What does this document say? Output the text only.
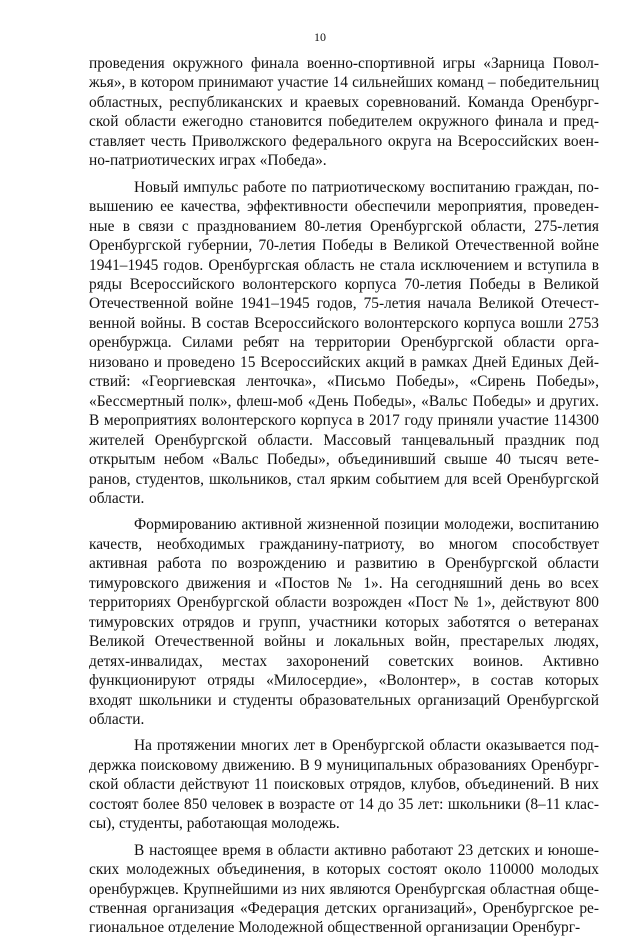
10

проведения окружного финала военно-спортивной игры «Зарница Поволжья», в котором принимают участие 14 сильнейших команд – победительниц областных, республиканских и краевых соревнований. Команда Оренбургской области ежегодно становится победителем окружного финала и представляет честь Приволжского федерального округа на Всероссийских военно-патриотических играх «Победа».

Новый импульс работе по патриотическому воспитанию граждан, повышению ее качества, эффективности обеспечили мероприятия, проведенные в связи с празднованием 80-летия Оренбургской области, 275-летия Оренбургской губернии, 70-летия Победы в Великой Отечественной войне 1941–1945 годов. Оренбургская область не стала исключением и вступила в ряды Всероссийского волонтерского корпуса 70-летия Победы в Великой Отечественной войне 1941–1945 годов, 75-летия начала Великой Отечественной войны. В состав Всероссийского волонтерского корпуса вошли 2753 оренбуржца. Силами ребят на территории Оренбургской области организовано и проведено 15 Всероссийских акций в рамках Дней Единых Действий: «Георгиевская ленточка», «Письмо Победы», «Сирень Победы», «Бессмертный полк», флеш-моб «День Победы», «Вальс Победы» и других. В мероприятиях волонтерского корпуса в 2017 году приняли участие 114300 жителей Оренбургской области. Массовый танцевальный праздник под открытым небом «Вальс Победы», объединивший свыше 40 тысяч ветеранов, студентов, школьников, стал ярким событием для всей Оренбургской области.

Формированию активной жизненной позиции молодежи, воспитанию качеств, необходимых гражданину-патриоту, во многом способствует активная работа по возрождению и развитию в Оренбургской области тимуровского движения и «Постов № 1». На сегодняшний день во всех территориях Оренбургской области возрожден «Пост № 1», действуют 800 тимуровских отрядов и групп, участники которых заботятся о ветеранах Великой Отечественной войны и локальных войн, престарелых людях, детях-инвалидах, местах захоронений советских воинов. Активно функционируют отряды «Милосердие», «Волонтер», в состав которых входят школьники и студенты образовательных организаций Оренбургской области.

На протяжении многих лет в Оренбургской области оказывается поддержка поисковому движению. В 9 муниципальных образованиях Оренбургской области действуют 11 поисковых отрядов, клубов, объединений. В них состоят более 850 человек в возрасте от 14 до 35 лет: школьники (8–11 классы), студенты, работающая молодежь.

В настоящее время в области активно работают 23 детских и юношеских молодежных объединения, в которых состоят около 110000 молодых оренбуржцев. Крупнейшими из них являются Оренбургская областная общественная организация «Федерация детских организаций», Оренбургское региональное отделение Молодежной общественной организации Оренбург-
